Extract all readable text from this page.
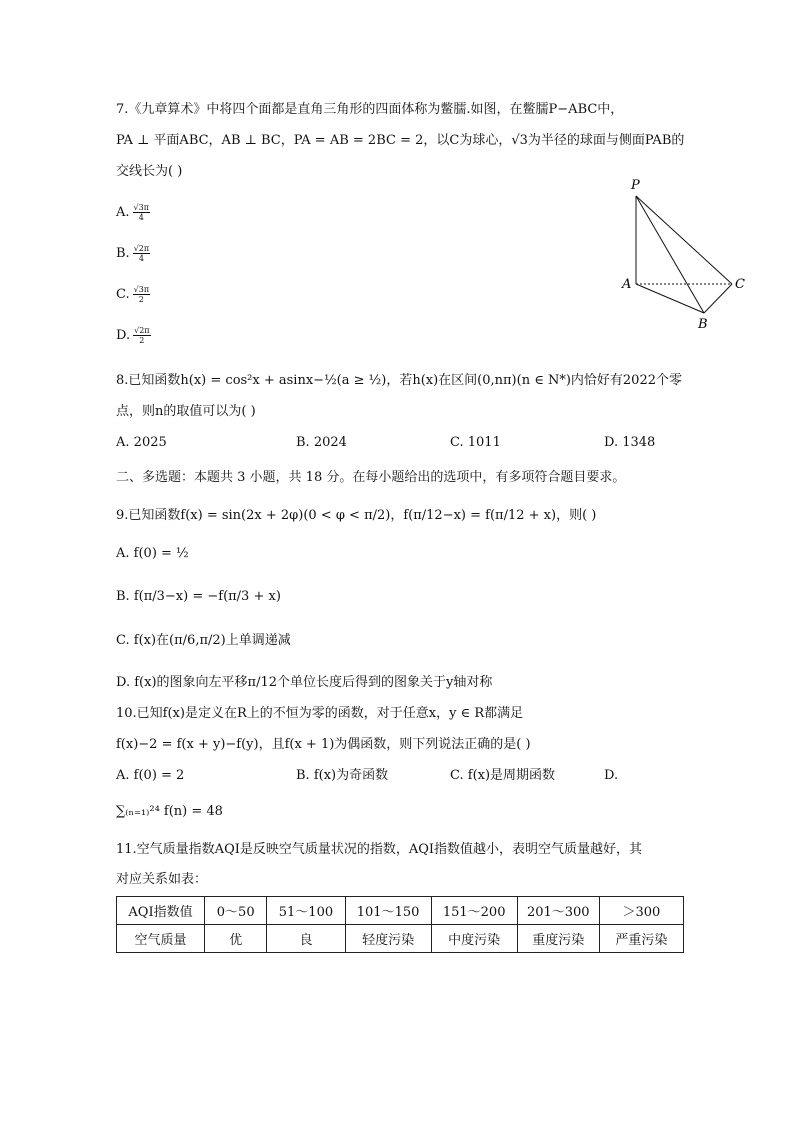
7.《九章算术》中将四个面都是直角三角形的四面体称为鳖臑.如图，在鳖臑P−ABC中，
PA ⊥ 平面ABC，AB ⊥ BC，PA = AB = 2BC = 2，以C为球心，√3为半径的球面与侧面PAB的
交线长为( )
A. $\frac{√3\pi}{4}$
B. $\frac{√2\pi}{4}$
C. $\frac{√3\pi}{2}$
D. $\frac{√2\pi}{2}$
P
A	C
B
8.已知函数h(x) = cos²x + asinx−½(a ≥ ½)，若h(x)在区间(0,nπ)(n ∈ N*)内恰好有2022个零
点，则n的取值可以为( )
A. 2025	B. 2024	C. 1011	D. 1348
二、多选题：本题共 3 小题，共 18 分。在每小题给出的选项中，有多项符合题目要求。
9.已知函数f(x) = sin(2x + 2φ)(0 < φ < π/2)，f(π/12−x) = f(π/12 + x)，则( )
A. f(0) = ½
B. f(π/3−x) = −f(π/3 + x)
C. f(x)在(π/6,π/2)上单调递减
D. f(x)的图象向左平移π/12个单位长度后得到的图象关于y轴对称
10.已知f(x)是定义在R上的不恒为零的函数，对于任意x，y ∈ R都满足
f(x)−2 = f(x + y)−f(y)，且f(x + 1)为偶函数，则下列说法正确的是( )
A. f(0) = 2	B. f(x)为奇函数	C. f(x)是周期函数	D.
∑₍ₙ₌₁₎²⁴ f(n) = 48
11.空气质量指数AQI是反映空气质量状况的指数，AQI指数值越小，表明空气质量越好，其
对应关系如表：
AQI指数值	0～50	51～100	101～150	151～200	201～300	＞300
空气质量	优	良	轻度污染	中度污染	重度污染	严重污染
